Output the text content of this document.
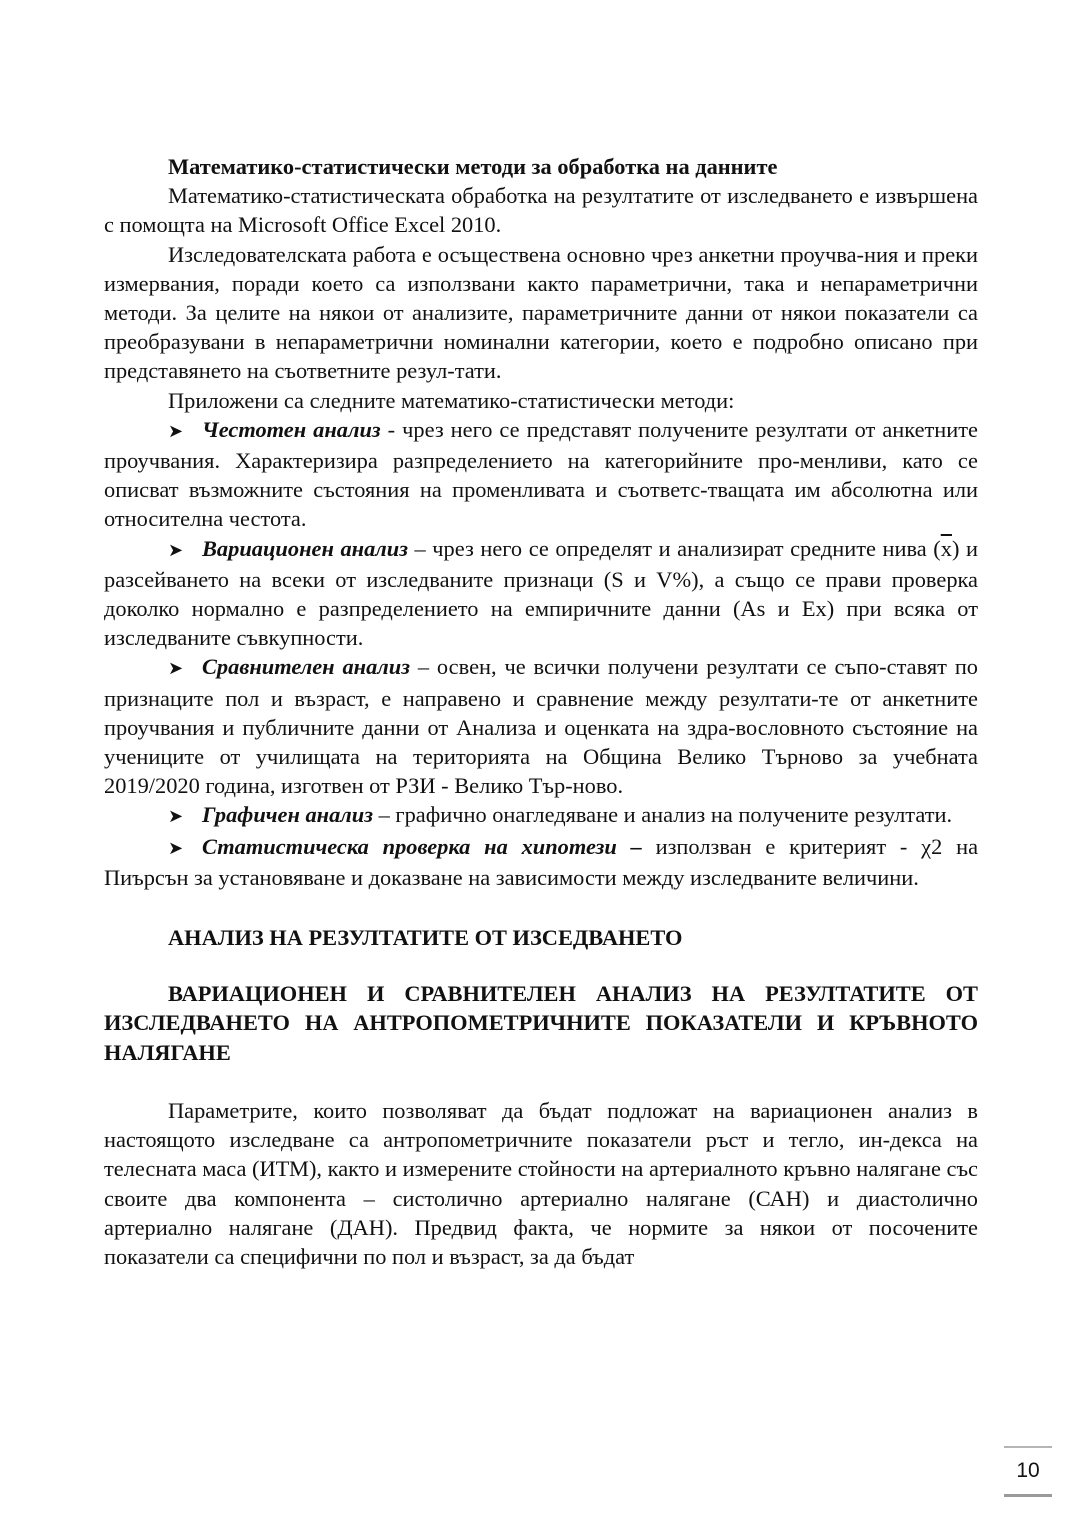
Математико-статистически методи за обработка на данните

Математико-статистическата обработка на резултатите от изследването е извършена с помощта на Microsoft Office Excel 2010.

Изследователската работа е осъществена основно чрез анкетни проучва-ния и преки измервания, поради което са използвани както параметрични, така и непараметрични методи. За целите на някои от анализите, параметричните данни от някои показатели са преобразувани в непараметрични номинални категории, което е подробно описано при представянето на съответните резул-тати.

Приложени са следните математико-статистически методи:

➤ Честотен анализ - чрез него се представят получените резултати от анкетните проучвания. Характеризира разпределението на категорийните про-менливи, като се описват възможните състояния на променливата и съответс-тващата им абсолютна или относителна честота.

➤ Вариационен анализ – чрез него се определят и анализират средните нива $(\overline{x})$ и разсейването на всеки от изследваните признаци (S и V%), а също се прави проверка доколко нормално е разпределението на емпиричните данни (As и Ex) при всяка от изследваните съвкупности.

➤ Сравнителен анализ – освен, че всички получени резултати се съпо-ставят по признаците пол и възраст, е направено и сравнение между резултати-те от анкетните проучвания и публичните данни от Анализа и оценката на здра-вословното състояние на учениците от училищата на територията на Община Велико Търново за учебната 2019/2020 година, изготвен от РЗИ - Велико Тър-ново.

➤ Графичен анализ – графично онагледяване и анализ на получените резултати.

➤ Статистическа проверка на хипотези – използван е критерият - χ2 на Пиърсън за установяване и доказване на зависимости между изследваните величини.

АНАЛИЗ НА РЕЗУЛТАТИТЕ ОТ ИЗСЕДВАНЕТО

ВАРИАЦИОНЕН И СРАВНИТЕЛЕН АНАЛИЗ НА РЕЗУЛТАТИТЕ ОТ ИЗСЛЕДВАНЕТО НА АНТРОПОМЕТРИЧНИТЕ ПОКАЗАТЕЛИ И КРЪВНОТО НАЛЯГАНЕ

Параметрите, които позволяват да бъдат подложат на вариационен анализ в настоящото изследване са антропометричните показатели ръст и тегло, ин-декса на телесната маса (ИТМ), както и измерените стойности на артериалното кръвно налягане със своите два компонента – систолично артериално налягане (САН) и диастолично артериално налягане (ДАН). Предвид факта, че нормите за някои от посочените показатели са специфични по пол и възраст, за да бъдат

10
